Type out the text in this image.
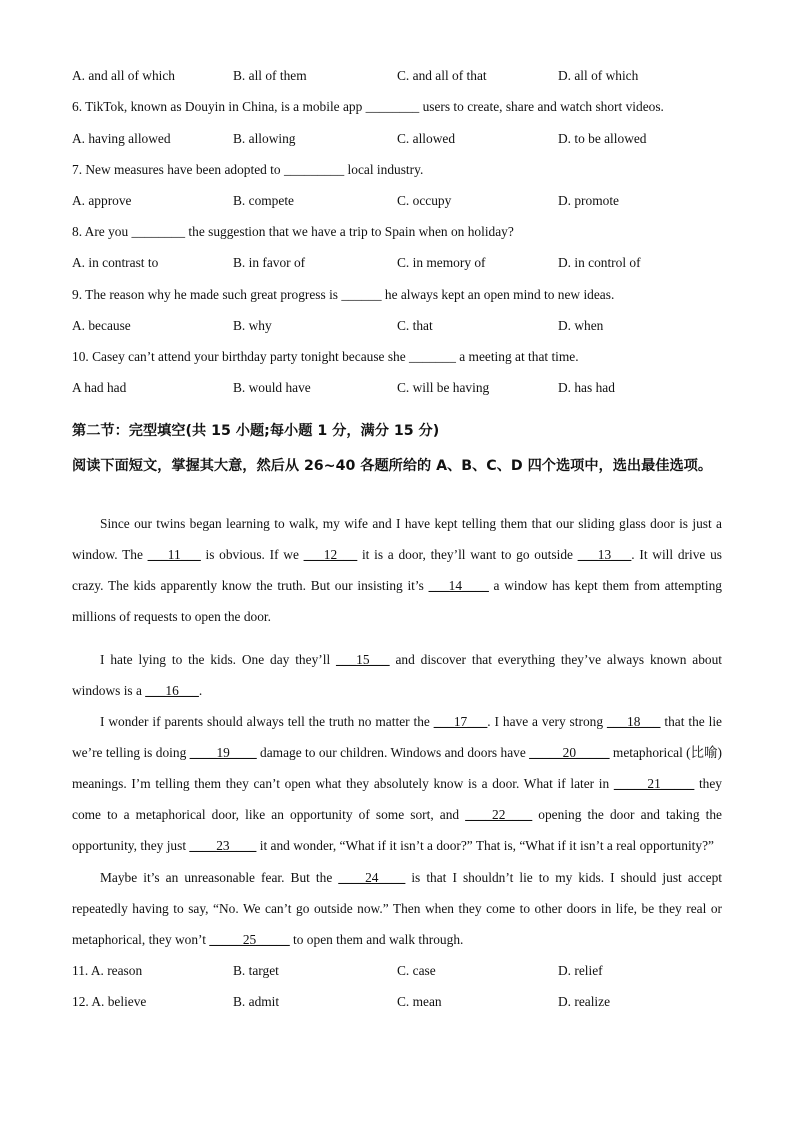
A. and all of which	B. all of them	C. and all of that	D. all of which
6. TikTok, known as Douyin in China, is a mobile app ________ users to create, share and watch short videos.
A. having allowed	B. allowing	C. allowed	D. to be allowed
7. New measures have been adopted to _________ local industry.
A. approve	B. compete	C. occupy	D. promote
8. Are you ________ the suggestion that we have a trip to Spain when on holiday?
A. in contrast to	B. in favor of	C. in memory of	D. in control of
9. The reason why he made such great progress is ______ he always kept an open mind to new ideas.
A. because	B. why	C. that	D. when
10. Casey can’t attend your birthday party tonight because she _______ a meeting at that time.
A had had	B. would have	C. will be having	D. has had
第二节：完型填空(共 15 小题;每小题 1 分，满分 15 分)
阅读下面短文，掌握其大意，然后从 26~40 各题所给的 A、B、C、D 四个选项中，选出最佳选项。
Since our twins began learning to walk, my wife and I have kept telling them that our sliding glass door is just a window. The ___11___ is obvious. If we ___12___ it is a door, they’ll want to go outside ___13___. It will drive us crazy. The kids apparently know the truth. But our insisting it’s ___14____ a window has kept them from attempting millions of requests to open the door.
I hate lying to the kids. One day they’ll ___15___ and discover that everything they’ve always known about windows is a ___16___.
I wonder if parents should always tell the truth no matter the ___17___. I have a very strong ___18___ that the lie we’re telling is doing ____19____ damage to our children. Windows and doors have _____20_____ metaphorical (比喻) meanings. I’m telling them they can’t open what they absolutely know is a door. What if later in _____21_____ they come to a metaphorical door, like an opportunity of some sort, and ____22____ opening the door and taking the opportunity, they just ____23____ it and wonder, “What if it isn’t a door?” That is, “What if it isn’t a real opportunity?”
Maybe it’s an unreasonable fear. But the ____24____ is that I shouldn’t lie to my kids. I should just accept repeatedly having to say, “No. We can’t go outside now.” Then when they come to other doors in life, be they real or metaphorical, they won’t _____25_____ to open them and walk through.
11. A. reason	B. target	C. case	D. relief
12. A. believe	B. admit	C. mean	D. realize
